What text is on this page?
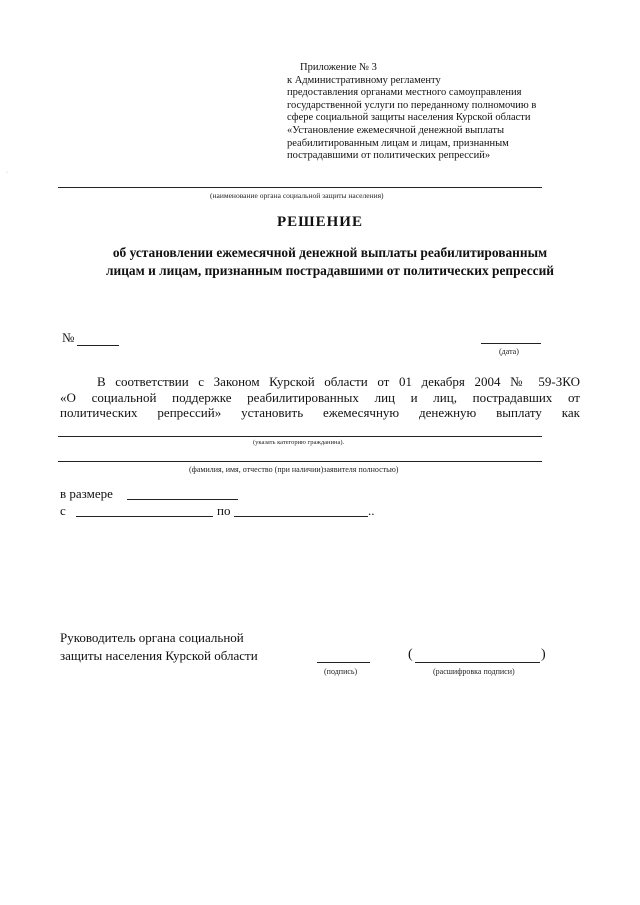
·
Приложение № 3
к Административному регламенту
предоставления органами местного самоуправления
государственной услуги по переданному полномочию в
сфере социальной защиты населения Курской области
«Установление ежемесячной денежной выплаты
реабилитированным лицам и лицам, признанным
пострадавшими от политических репрессий»
(наименование органа социальной защиты населения)
РЕШЕНИЕ
об установлении ежемесячной денежной выплаты реабилитированным
лицам и лицам, признанным пострадавшими от политических репрессий
№
(дата)
В соответствии с Законом Курской области от 01 декабря 2004 № 59-ЗКО
«О социальной поддержке реабилитированных лиц и лиц, пострадавших от
политических репрессий» установить ежемесячную денежную выплату как
(указать категорию гражданина).
(фамилия, имя, отчество (при наличии)заявителя полностью)
в размере
с	по	..
Руководитель органа социальной
защиты населения Курской области
(подпись)
(	)
(расшифровка подписи)
